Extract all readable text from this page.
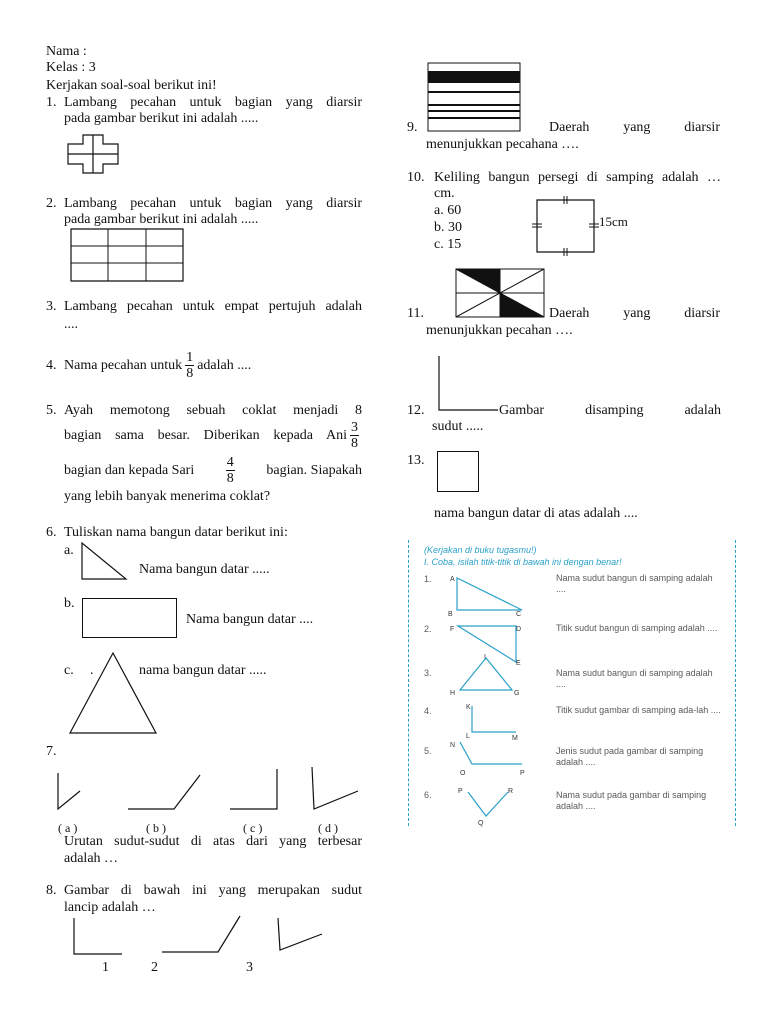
Nama :
Kelas : 3
Kerjakan soal-soal berikut ini!
1. Lambang pecahan untuk bagian yang diarsir
pada gambar berikut ini adalah .....
2. Lambang pecahan untuk bagian yang diarsir
pada gambar berikut ini adalah .....
3. Lambang pecahan untuk empat pertujuh adalah
....
4. Nama pecahan untuk $\frac{1}{8}$ adalah ....
5. Ayah memotong sebuah coklat menjadi 8
bagian sama besar. Diberikan kepada Ani $\frac{3}{8}$
bagian dan kepada Sari $\frac{4}{8}$ bagian. Siapakah
yang lebih banyak menerima coklat?
6. Tuliskan nama bangun datar berikut ini:
a.
Nama bangun datar .....
b.
Nama bangun datar ....
c. .	nama bangun datar .....
7.
( a )	( b )	( c )	( d )
Urutan sudut-sudut di atas dari yang terbesar
adalah …
8. Gambar di bawah ini yang merupakan sudut
lancip adalah …
1	2	3
9.	Daerah yang diarsir
menunjukkan pecahana ….
10. Keliling bangun persegi di samping adalah …
cm.
a. 60
b. 30
c. 15
15cm
11.	Daerah yang diarsir
menunjukkan pecahan ….
12.	Gambar disamping adalah
sudut .....
13.
nama bangun datar di atas adalah ....
(Kerjakan di buku tugasmu!)
I. Coba, isilah titik-titik di bawah ini dengan benar!
1.	A
B	C
Nama sudut bangun di samping adalah ....
2.	F	D
E
Titik sudut bangun di samping adalah ....
3.
I
H	G
Nama sudut bangun di samping adalah ....
4.	K
L	M
Titik sudut gambar di samping ada-lah ....
5.
N
O	P
Jenis sudut pada gambar di samping adalah ....
6.	P	R
Q
Nama sudut pada gambar di samping adalah ....
